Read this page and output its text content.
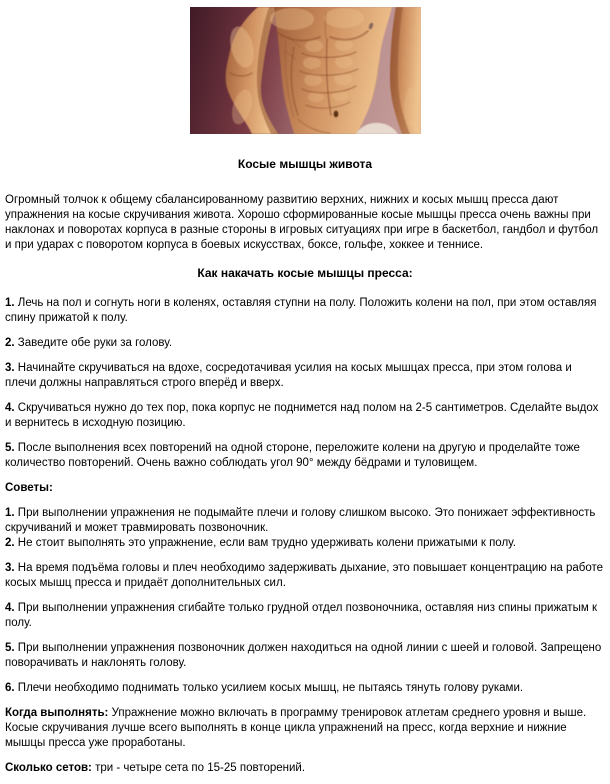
Косые мышцы живота
Огромный толчок к общему сбалансированному развитию верхних, нижних и косых мышц пресса дают упражнения на косые скручивания живота. Хорошо сформированные косые мышцы пресса очень важны при наклонах и поворотах корпуса в разные стороны в игровых ситуациях при игре в баскетбол, гандбол и футбол и при ударах с поворотом корпуса в боевых искусствах, боксе, гольфе, хоккее и теннисе.
Как накачать косые мышцы пресса:
1. Лечь на пол и согнуть ноги в коленях, оставляя ступни на полу. Положить колени на пол, при этом оставляя спину прижатой к полу.
2. Заведите обе руки за голову.
3. Начинайте скручиваться на вдохе, сосредотачивая усилия на косых мышцах пресса, при этом голова и плечи должны направляться строго вперёд и вверх.
4. Скручиваться нужно до тех пор, пока корпус не поднимется над полом на 2-5 сантиметров. Сделайте выдох и вернитесь в исходную позицию.
5. После выполнения всех повторений на одной стороне, переложите колени на другую и проделайте тоже количество повторений. Очень важно соблюдать угол 90° между бёдрами и туловищем.
Советы:
1. При выполнении упражнения не подымайте плечи и голову слишком высоко. Это понижает эффективность скручиваний и может травмировать позвоночник.
2. Не стоит выполнять это упражнение, если вам трудно удерживать колени прижатыми к полу.
3. На время подъёма головы и плеч необходимо задерживать дыхание, это повышает концентрацию на работе косых мышц пресса и придаёт дополнительных сил.
4. При выполнении упражнения сгибайте только грудной отдел позвоночника, оставляя низ спины прижатым к полу.
5. При выполнении упражнения позвоночник должен находиться на одной линии с шеей и головой. Запрещено поворачивать и наклонять голову.
6. Плечи необходимо поднимать только усилием косых мышц, не пытаясь тянуть голову руками.
Когда выполнять: Упражнение можно включать в программу тренировок атлетам среднего уровня и выше. Косые скручивания лучше всего выполнять в конце цикла упражнений на пресс, когда верхние и нижние мышцы пресса уже проработаны.
Сколько сетов: три - четыре сета по 15-25 повторений.
